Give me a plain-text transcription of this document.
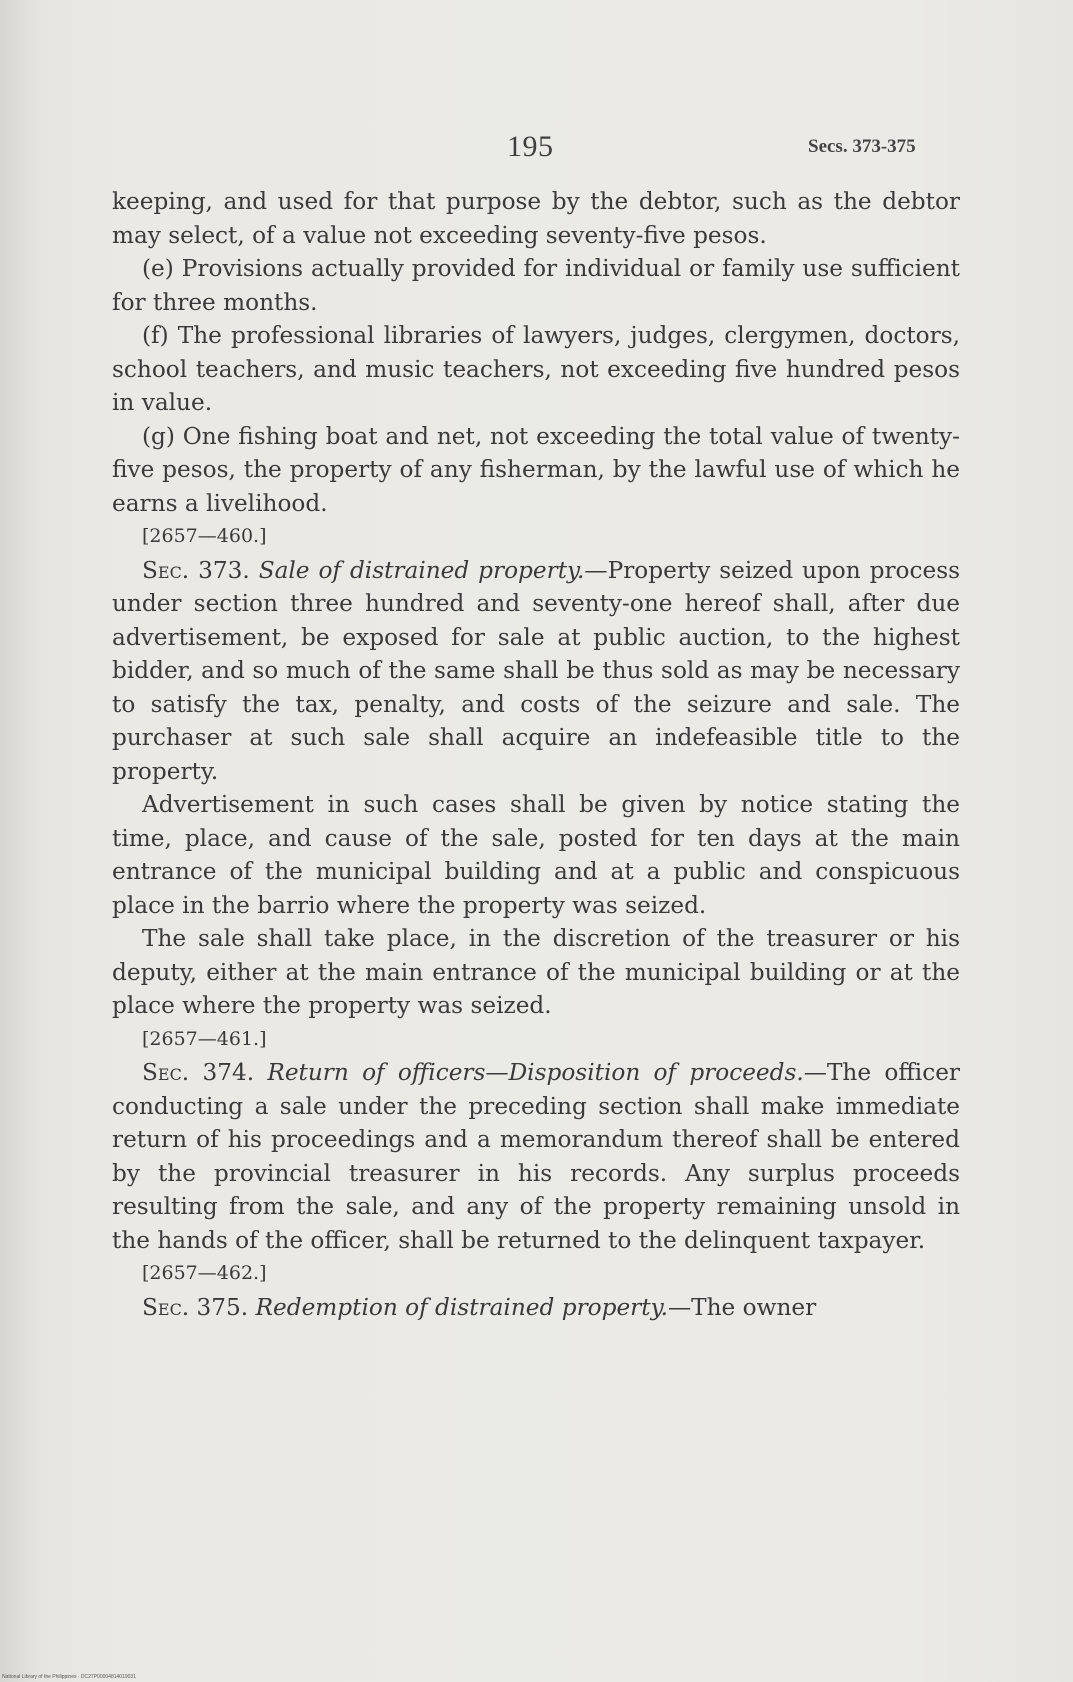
195	Secs. 373-375

keeping, and used for that purpose by the debtor, such as the debtor may select, of a value not exceeding seventy-five pesos.

(e) Provisions actually provided for individual or family use sufficient for three months.

(f) The professional libraries of lawyers, judges, clergymen, doctors, school teachers, and music teachers, not exceeding five hundred pesos in value.

(g) One fishing boat and net, not exceeding the total value of twenty-five pesos, the property of any fisherman, by the lawful use of which he earns a livelihood.

[2657—460.]

Sec. 373. Sale of distrained property.—Property seized upon process under section three hundred and seventy-one hereof shall, after due advertisement, be exposed for sale at public auction, to the highest bidder, and so much of the same shall be thus sold as may be necessary to satisfy the tax, penalty, and costs of the seizure and sale. The purchaser at such sale shall acquire an indefeasible title to the property.

Advertisement in such cases shall be given by notice stating the time, place, and cause of the sale, posted for ten days at the main entrance of the municipal building and at a public and conspicuous place in the barrio where the property was seized.

The sale shall take place, in the discretion of the treasurer or his deputy, either at the main entrance of the municipal building or at the place where the property was seized.

[2657—461.]

Sec. 374. Return of officers—Disposition of proceeds.—The officer conducting a sale under the preceding section shall make immediate return of his proceedings and a memorandum thereof shall be entered by the provincial treasurer in his records. Any surplus proceeds resulting from the sale, and any of the property remaining unsold in the hands of the officer, shall be returned to the delinquent taxpayer.

[2657—462.]

Sec. 375. Redemption of distrained property.—The owner

National Library of the Philippines · DC27P00004814019031
